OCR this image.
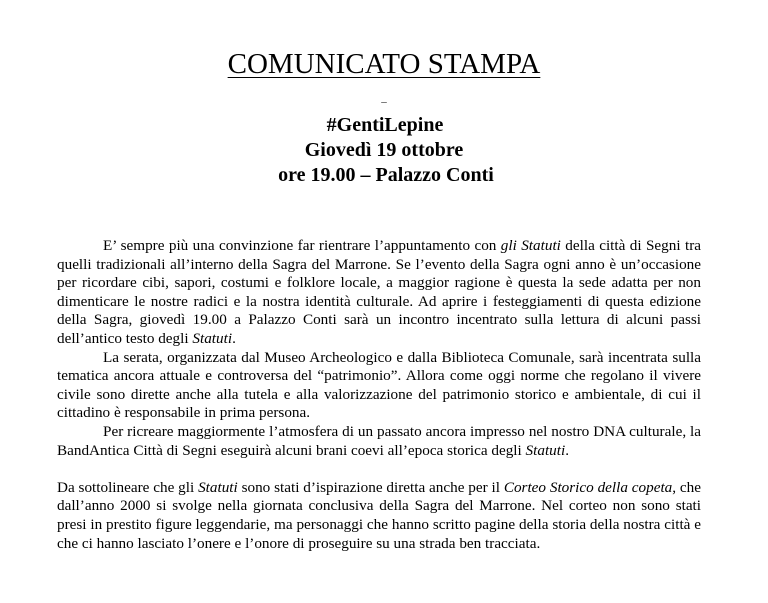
COMUNICATO STAMPA
–
#GentiLepine
Giovedì 19 ottobre
ore 19.00 – Palazzo Conti

E’ sempre più una convinzione far rientrare l’appuntamento con gli Statuti della città di Segni tra quelli tradizionali all’interno della Sagra del Marrone. Se l’evento della Sagra ogni anno è un’occasione per ricordare cibi, sapori, costumi e folklore locale, a maggior ragione è questa la sede adatta per non dimenticare le nostre radici e la nostra identità culturale. Ad aprire i festeggiamenti di questa edizione della Sagra, giovedì 19.00 a Palazzo Conti sarà un incontro incentrato sulla lettura di alcuni passi dell’antico testo degli Statuti.

La serata, organizzata dal Museo Archeologico e dalla Biblioteca Comunale, sarà incentrata sulla tematica ancora attuale e controversa del “patrimonio”. Allora come oggi norme che regolano il vivere civile sono dirette anche alla tutela e alla valorizzazione del patrimonio storico e ambientale, di cui il cittadino è responsabile in prima persona.

Per ricreare maggiormente l’atmosfera di un passato ancora impresso nel nostro DNA culturale, la BandAntica Città di Segni eseguirà alcuni brani coevi all’epoca storica degli Statuti.

Da sottolineare che gli Statuti sono stati d’ispirazione diretta anche per il Corteo Storico della copeta, che dall’anno 2000 si svolge nella giornata conclusiva della Sagra del Marrone. Nel corteo non sono stati presi in prestito figure leggendarie, ma personaggi che hanno scritto pagine della storia della nostra città e che ci hanno lasciato l’onere e l’onore di proseguire su una strada ben tracciata.
